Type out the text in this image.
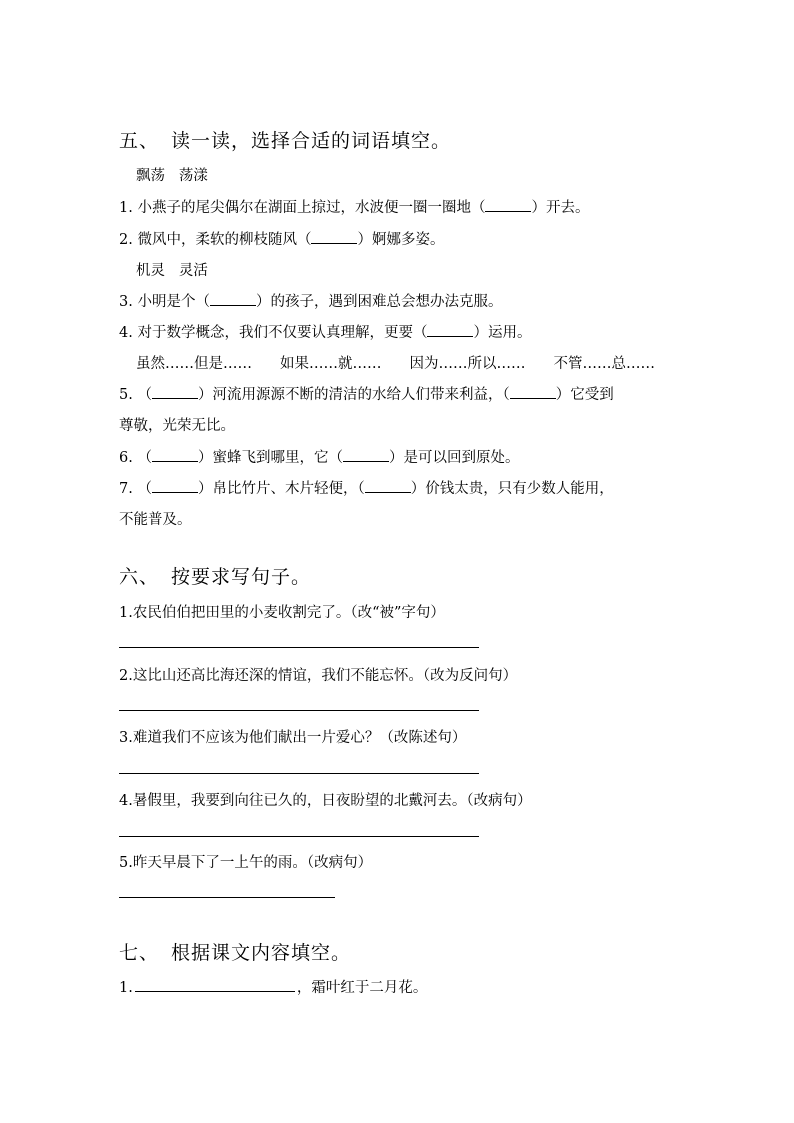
五、 读一读，选择合适的词语填空。
飘荡 荡漾
1. 小燕子的尾尖偶尔在湖面上掠过，水波便一圈一圈地（	）开去。
2. 微风中，柔软的柳枝随风（	）婀娜多姿。
机灵 灵活
3. 小明是个（	）的孩子，遇到困难总会想办法克服。
4. 对于数学概念，我们不仅要认真理解，更要（	）运用。
虽然……但是…… 如果……就…… 因为……所以…… 不管……总……
5. （	）河流用源源不断的清洁的水给人们带来利益，（	）它受到
尊敬，光荣无比。
6. （	）蜜蜂飞到哪里，它（	）是可以回到原处。
7. （	）帛比竹片、木片轻便，（	）价钱太贵，只有少数人能用，
不能普及。
六、 按要求写句子。
1.农民伯伯把田里的小麦收割完了。（改“被”字句）
2.这比山还高比海还深的情谊，我们不能忘怀。（改为反问句）
3.难道我们不应该为他们献出一片爱心？（改陈述句）
4.暑假里，我要到向往已久的，日夜盼望的北戴河去。（改病句）
5.昨天早晨下了一上午的雨。（改病句）
七、 根据课文内容填空。
1.	，霜叶红于二月花。
